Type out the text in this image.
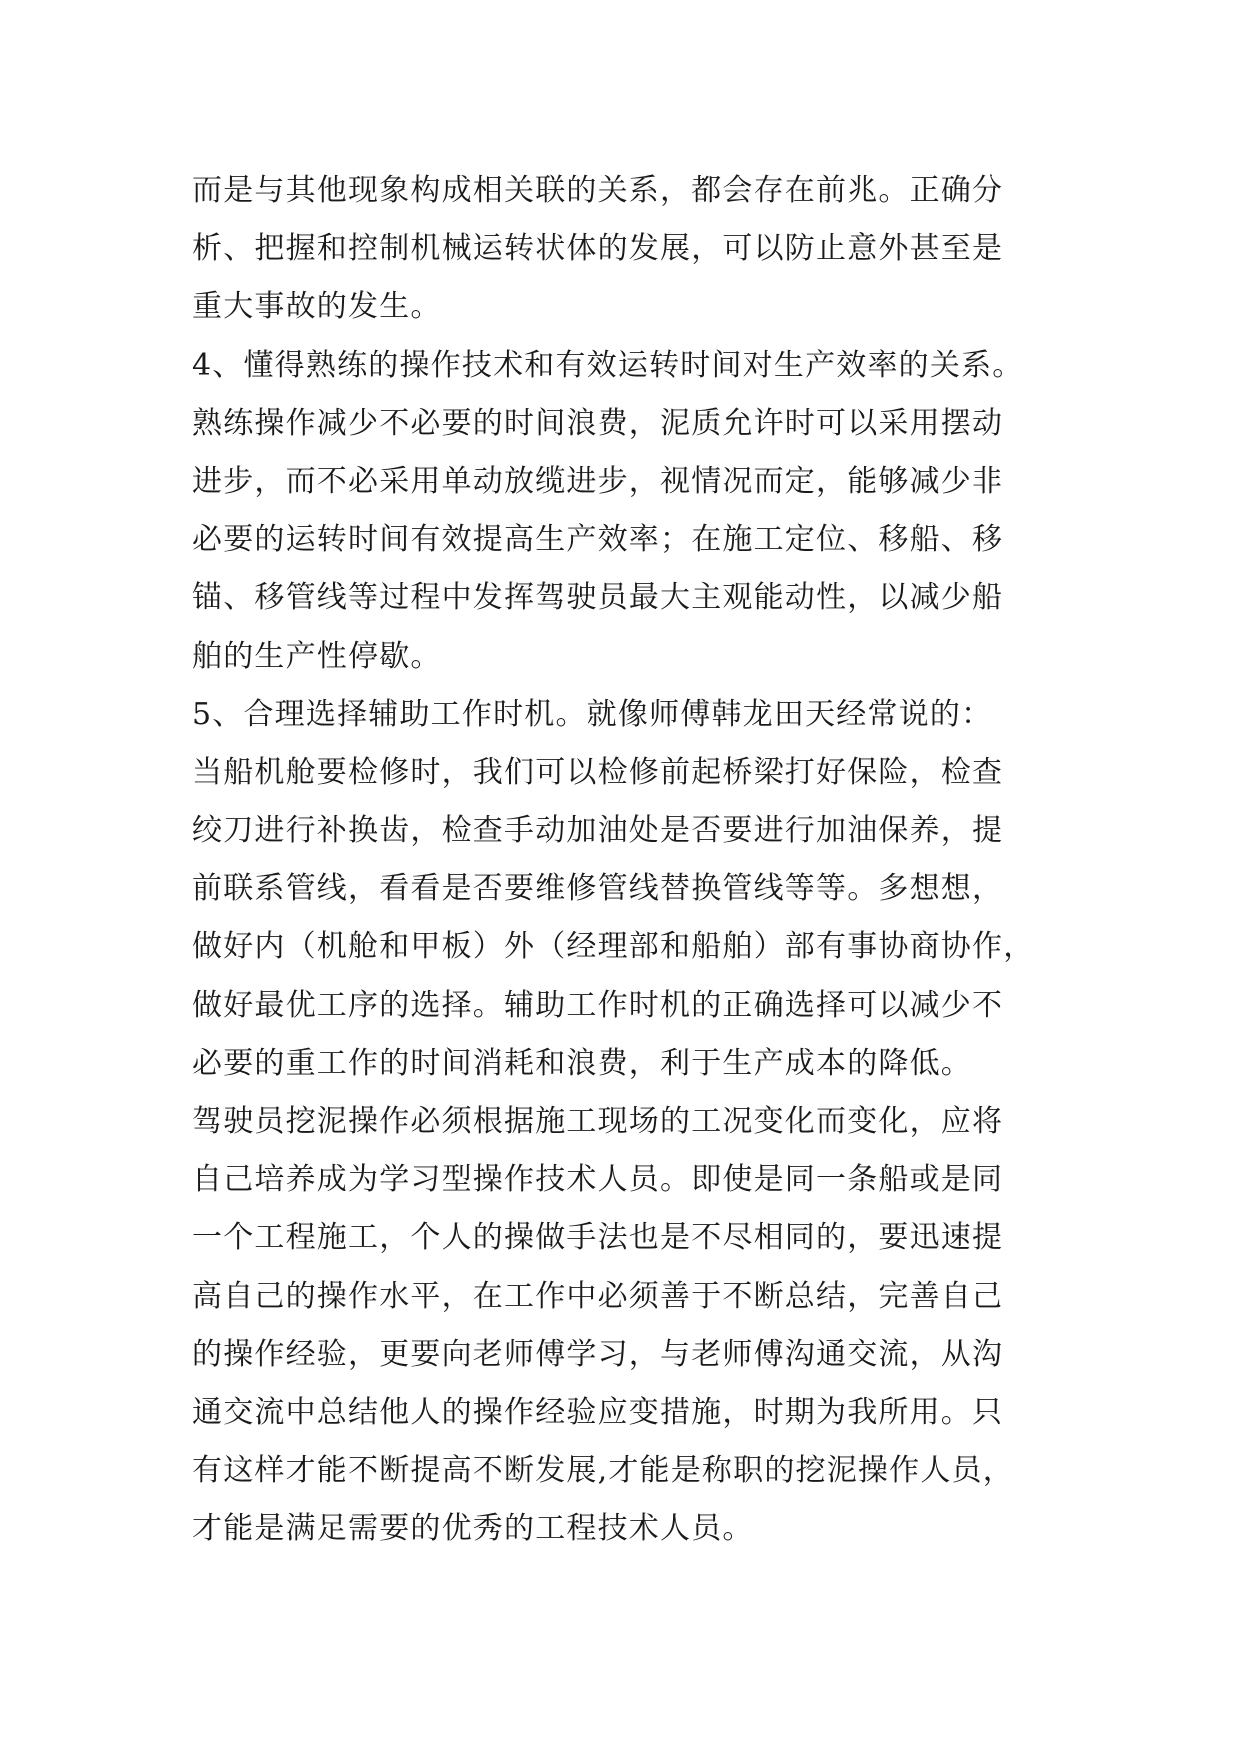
而是与其他现象构成相关联的关系，都会存在前兆。正确分
析、把握和控制机械运转状体的发展，可以防止意外甚至是
重大事故的发生。
4、懂得熟练的操作技术和有效运转时间对生产效率的关系。
熟练操作减少不必要的时间浪费，泥质允许时可以采用摆动
进步，而不必采用单动放缆进步，视情况而定，能够减少非
必要的运转时间有效提高生产效率；在施工定位、移船、移
锚、移管线等过程中发挥驾驶员最大主观能动性，以减少船
舶的生产性停歇。
5、合理选择辅助工作时机。就像师傅韩龙田天经常说的：
当船机舱要检修时，我们可以检修前起桥梁打好保险，检查
绞刀进行补换齿，检查手动加油处是否要进行加油保养，提
前联系管线，看看是否要维修管线替换管线等等。多想想，
做好内（机舱和甲板）外（经理部和船舶）部有事协商协作，
做好最优工序的选择。辅助工作时机的正确选择可以减少不
必要的重工作的时间消耗和浪费，利于生产成本的降低。
驾驶员挖泥操作必须根据施工现场的工况变化而变化，应将
自己培养成为学习型操作技术人员。即使是同一条船或是同
一个工程施工，个人的操做手法也是不尽相同的，要迅速提
高自己的操作水平，在工作中必须善于不断总结，完善自己
的操作经验，更要向老师傅学习，与老师傅沟通交流，从沟
通交流中总结他人的操作经验应变措施，时期为我所用。只
有这样才能不断提高不断发展,才能是称职的挖泥操作人员，
才能是满足需要的优秀的工程技术人员。
